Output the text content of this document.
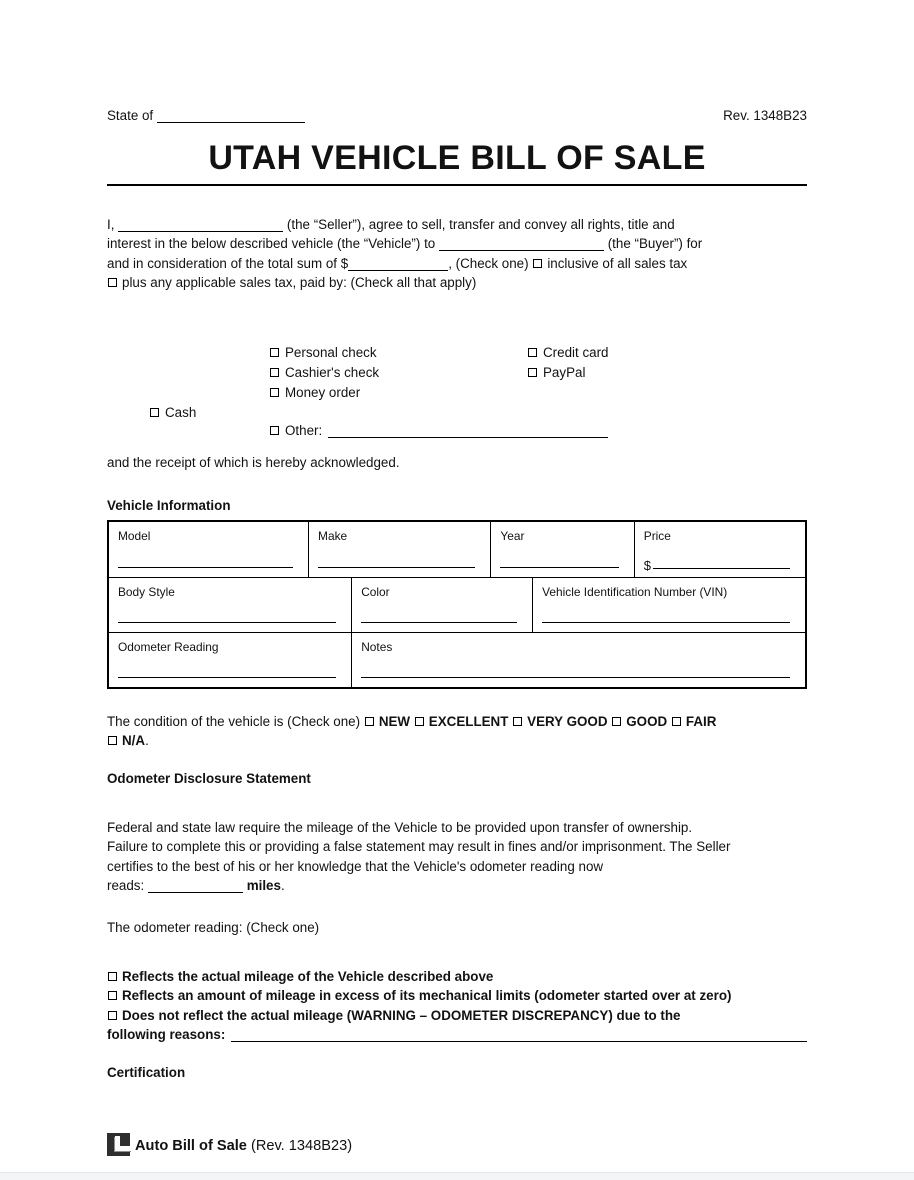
State of	Rev. 1348B23
UTAH VEHICLE BILL OF SALE
I,	(the “Seller”), agree to sell, transfer and convey all rights, title and
interest in the below described vehicle (the “Vehicle”) to	(the “Buyer”) for
and in consideration of the total sum of $	, (Check one) inclusive of all sales tax
plus any applicable sales tax, paid by: (Check all that apply)
Cash
Personal check
Cashier's check
Money order
Other:
Credit card
PayPal
and the receipt of which is hereby acknowledged.
Vehicle Information
Model	Make	Year	Price
$
Body Style	Color	Vehicle Identification Number (VIN)
Odometer Reading	Notes
The condition of the vehicle is (Check one) NEW EXCELLENT VERY GOOD GOOD FAIR
N/A.
Odometer Disclosure Statement
Federal and state law require the mileage of the Vehicle to be provided upon transfer of ownership.
Failure to complete this or providing a false statement may result in fines and/or imprisonment. The Seller
certifies to the best of his or her knowledge that the Vehicle's odometer reading now
reads:	miles.
The odometer reading: (Check one)
Reflects the actual mileage of the Vehicle described above
Reflects an amount of mileage in excess of its mechanical limits (odometer started over at zero)
Does not reflect the actual mileage (WARNING – ODOMETER DISCREPANCY) due to the
following reasons:
Certification
Auto Bill of Sale (Rev. 1348B23)
